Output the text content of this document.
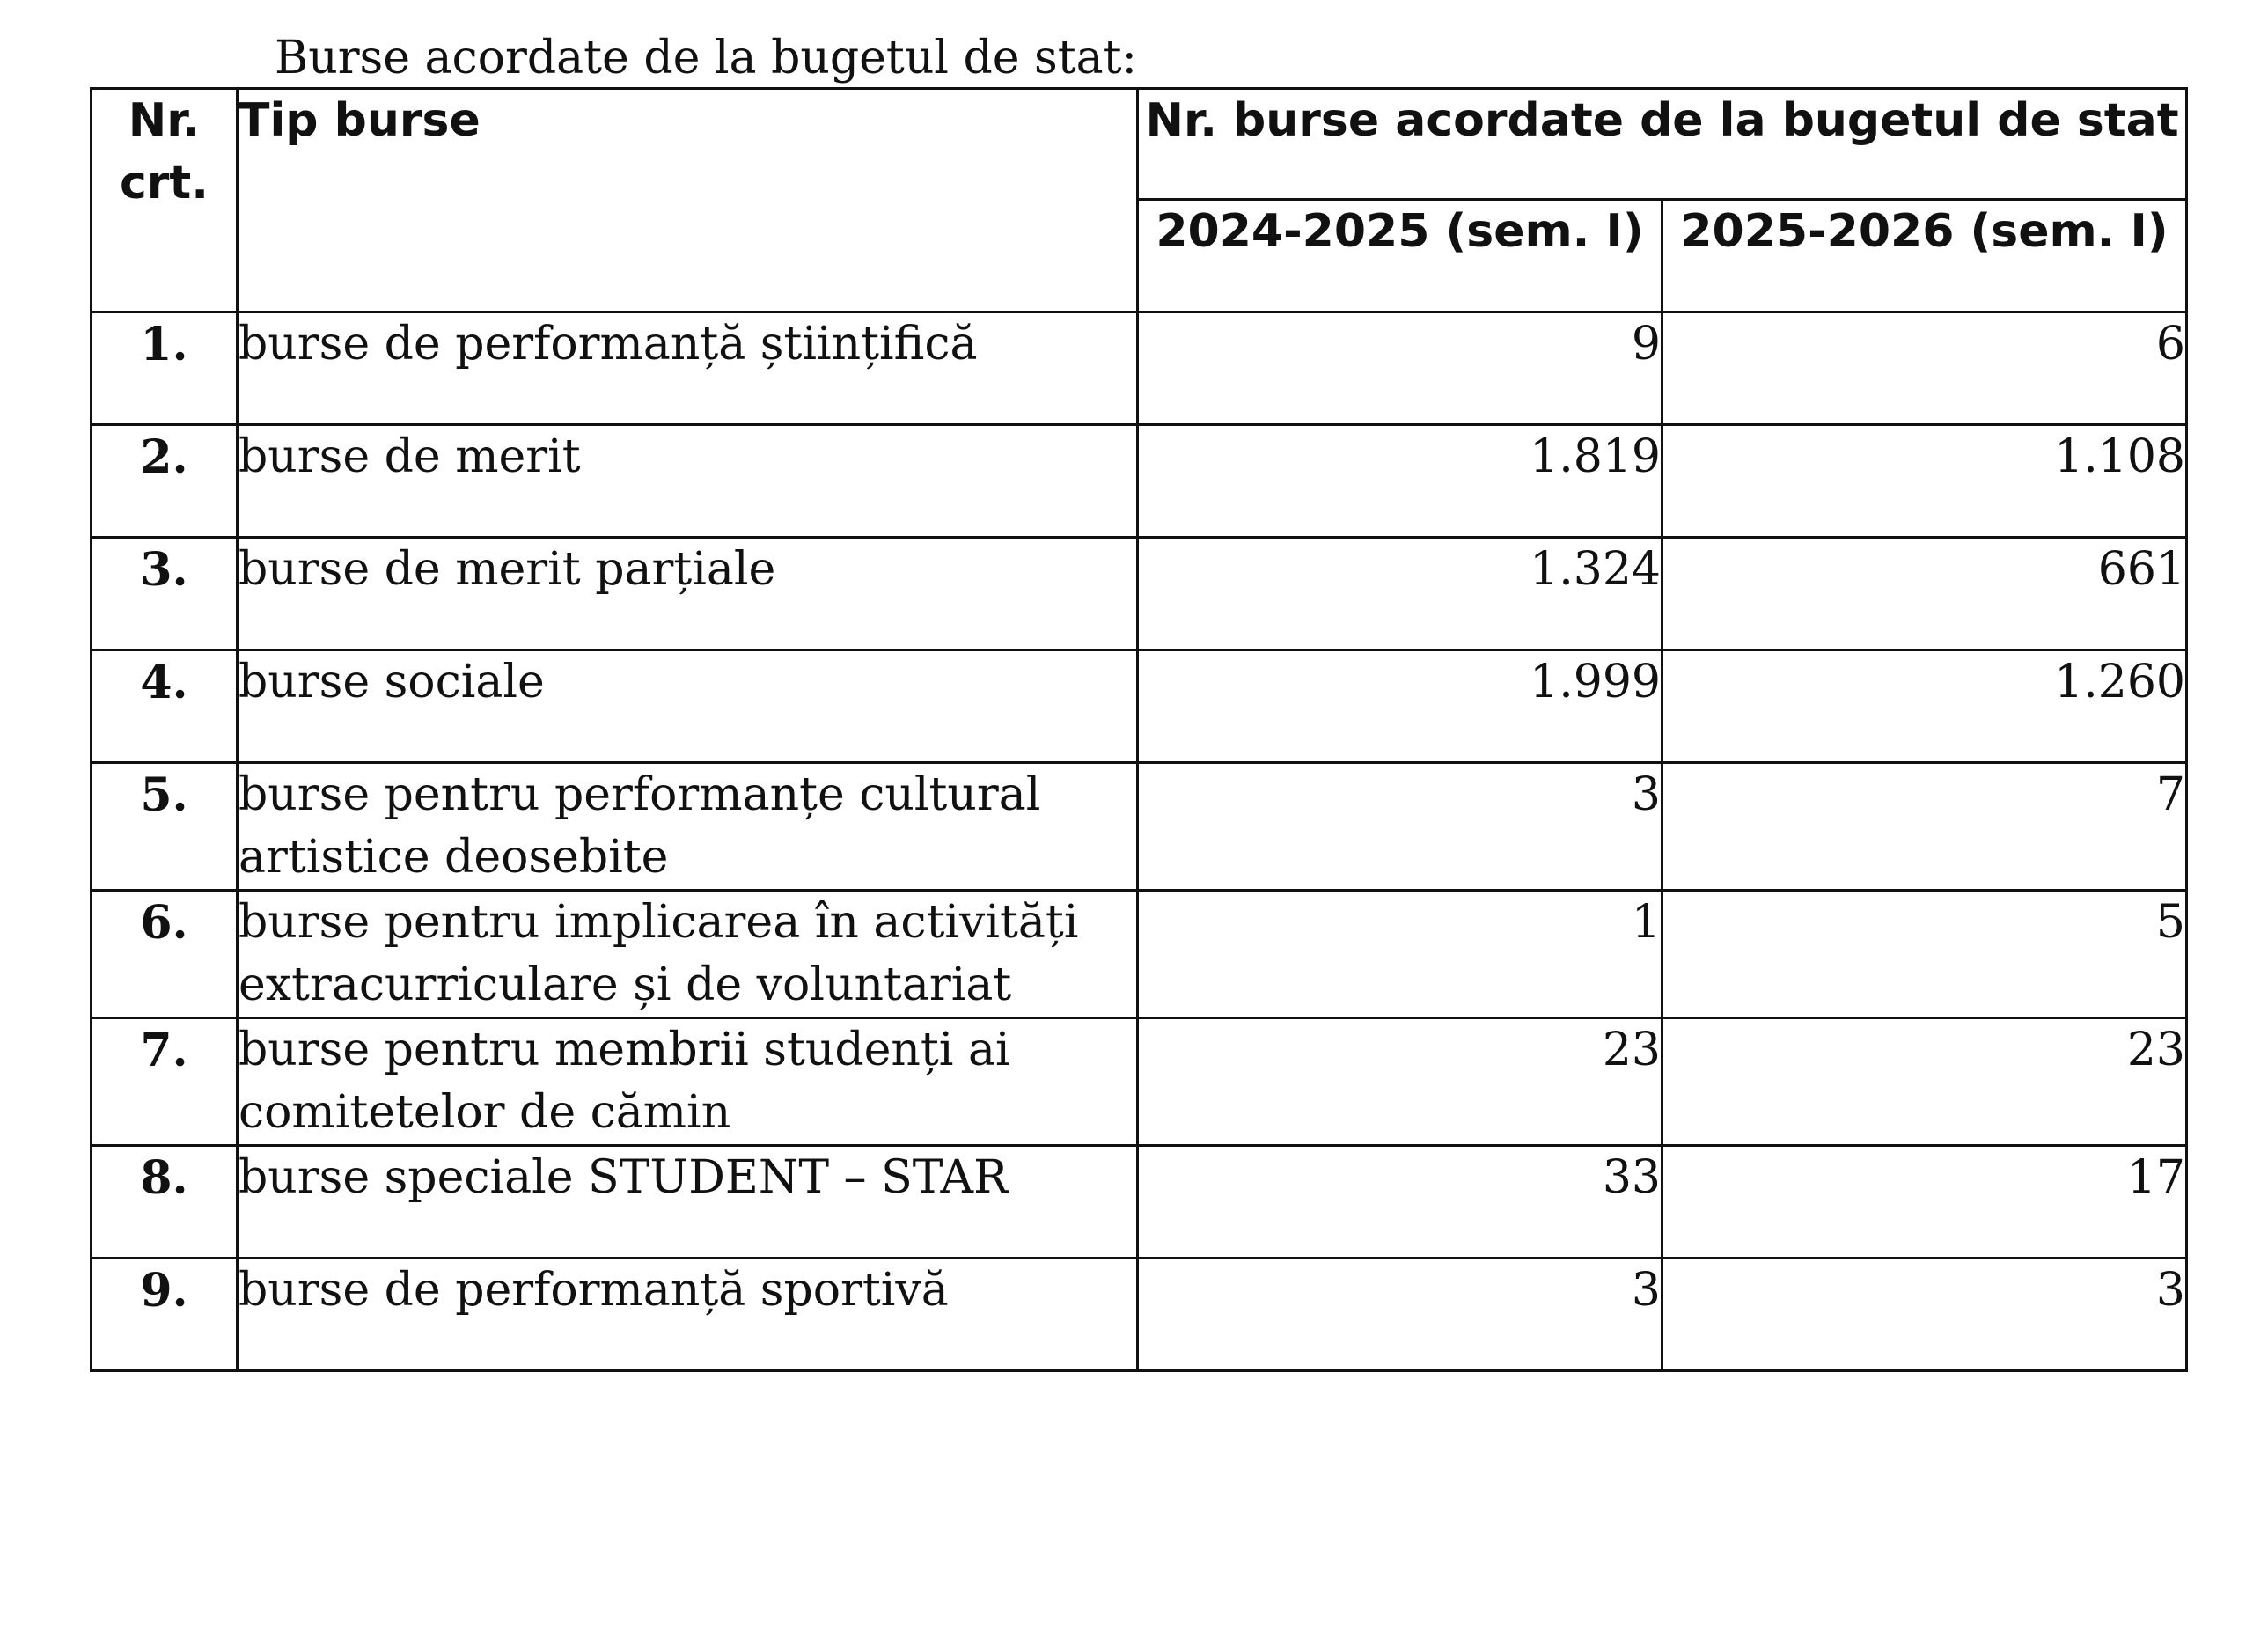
Burse acordate de la bugetul de stat:
Nr. crt.	Tip burse	Nr. burse acordate de la bugetul de stat	
		2024-2025 (sem. I)	2025-2026 (sem. I)
1.	burse de performanță științifică	9	6
2.	burse de merit	1.819	1.108
3.	burse de merit parțiale	1.324	661
4.	burse sociale	1.999	1.260
5.	burse pentru performanțe cultural artistice deosebite	3	7
6.	burse pentru implicarea în activități extracurriculare și de voluntariat	1	5
7.	burse pentru membrii studenți ai comitetelor de cămin	23	23
8.	burse speciale STUDENT – STAR	33	17
9.	burse de performanță sportivă	3	3
